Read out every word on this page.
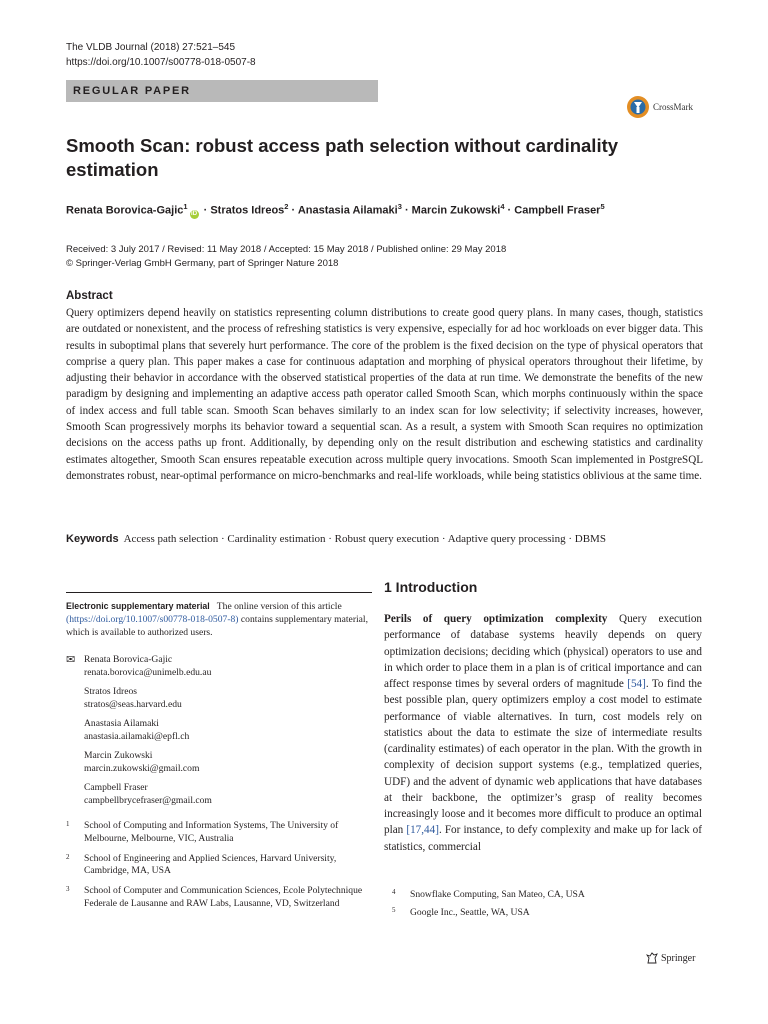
The VLDB Journal (2018) 27:521–545
https://doi.org/10.1007/s00778-018-0507-8
REGULAR PAPER
CrossMark
Smooth Scan: robust access path selection without cardinality estimation
Renata Borovica-Gajic$^1$iD · Stratos Idreos$^2$ · Anastasia Ailamaki$^3$ · Marcin Zukowski$^4$ · Campbell Fraser$^5$
Received: 3 July 2017 / Revised: 11 May 2018 / Accepted: 15 May 2018 / Published online: 29 May 2018
© Springer-Verlag GmbH Germany, part of Springer Nature 2018
Abstract
Query optimizers depend heavily on statistics representing column distributions to create good query plans. In many cases, though, statistics are outdated or nonexistent, and the process of refreshing statistics is very expensive, especially for ad hoc workloads on ever bigger data. This results in suboptimal plans that severely hurt performance. The core of the problem is the fixed decision on the type of physical operators that comprise a query plan. This paper makes a case for continuous adaptation and morphing of physical operators throughout their lifetime, by adjusting their behavior in accordance with the observed statistical properties of the data at run time. We demonstrate the benefits of the new paradigm by designing and implementing an adaptive access path operator called Smooth Scan, which morphs continuously within the space of index access and full table scan. Smooth Scan behaves similarly to an index scan for low selectivity; if selectivity increases, however, Smooth Scan progressively morphs its behavior toward a sequential scan. As a result, a system with Smooth Scan requires no optimization decisions on the access paths up front. Additionally, by depending only on the result distribution and eschewing statistics and cardinality estimates altogether, Smooth Scan ensures repeatable execution across multiple query invocations. Smooth Scan implemented in PostgreSQL demonstrates robust, near-optimal performance on micro-benchmarks and real-life workloads, while being statistics oblivious at the same time.
Keywords Access path selection · Cardinality estimation · Robust query execution · Adaptive query processing · DBMS
Electronic supplementary material The online version of this article (https://doi.org/10.1007/s00778-018-0507-8) contains supplementary material, which is available to authorized users.
✉ Renata Borovica-Gajic
renata.borovica@unimelb.edu.au
Stratos Idreos
stratos@seas.harvard.edu
Anastasia Ailamaki
anastasia.ailamaki@epfl.ch
Marcin Zukowski
marcin.zukowski@gmail.com
Campbell Fraser
campbellbrycefraser@gmail.com
1 School of Computing and Information Systems, The University of Melbourne, Melbourne, VIC, Australia
2 School of Engineering and Applied Sciences, Harvard University, Cambridge, MA, USA
3 School of Computer and Communication Sciences, Ecole Polytechnique Federale de Lausanne and RAW Labs, Lausanne, VD, Switzerland
1 Introduction
Perils of query optimization complexity Query execution performance of database systems heavily depends on query optimization decisions; deciding which (physical) operators to use and in which order to place them in a plan is of critical importance and can affect response times by several orders of magnitude [54]. To find the best possible plan, query optimizers employ a cost model to estimate performance of viable alternatives. In turn, cost models rely on statistics about the data to estimate the size of intermediate results (cardinality estimates) of each operator in the plan. With the growth in complexity of decision support systems (e.g., templatized queries, UDF) and the advent of dynamic web applications that have databases at their backbone, the optimizer’s grasp of reality becomes increasingly loose and it becomes more difficult to produce an optimal plan [17,44]. For instance, to defy complexity and make up for lack of statistics, commercial
4 Snowflake Computing, San Mateo, CA, USA
5 Google Inc., Seattle, WA, USA
Springer
